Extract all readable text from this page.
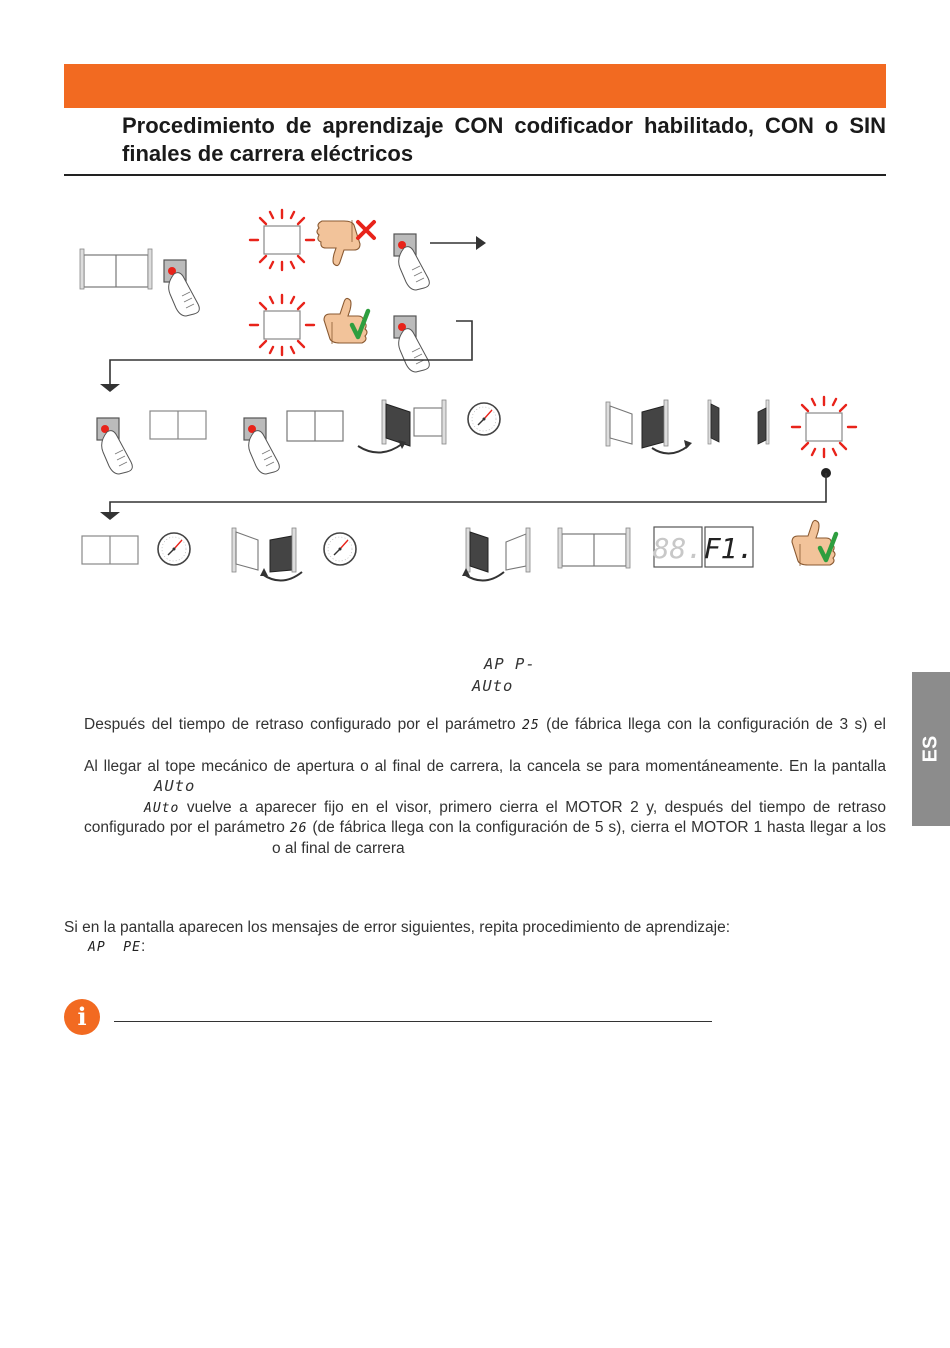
Procedimiento de aprendizaje CON codificador habilitado, CON o SIN finales de carrera eléctricos
88. F1.
AP P-
AUto
Después del tiempo de retraso configurado por el parámetro 25 (de fábrica llega con la configuración de 3 s) el
Al llegar al tope mecánico de apertura o al final de carrera, la cancela se para momentáneamente. En la pantalla
AUto
AUto vuelve a aparecer fijo en el visor, primero cierra el MOTOR 2 y, después del tiempo de retraso
configurado por el parámetro 26 (de fábrica llega con la configuración de 5 s), cierra el MOTOR 1 hasta llegar a los
o al final de carrera
Si en la pantalla aparecen los mensajes de error siguientes, repita procedimiento de aprendizaje:
AP  PE:
i
ES
